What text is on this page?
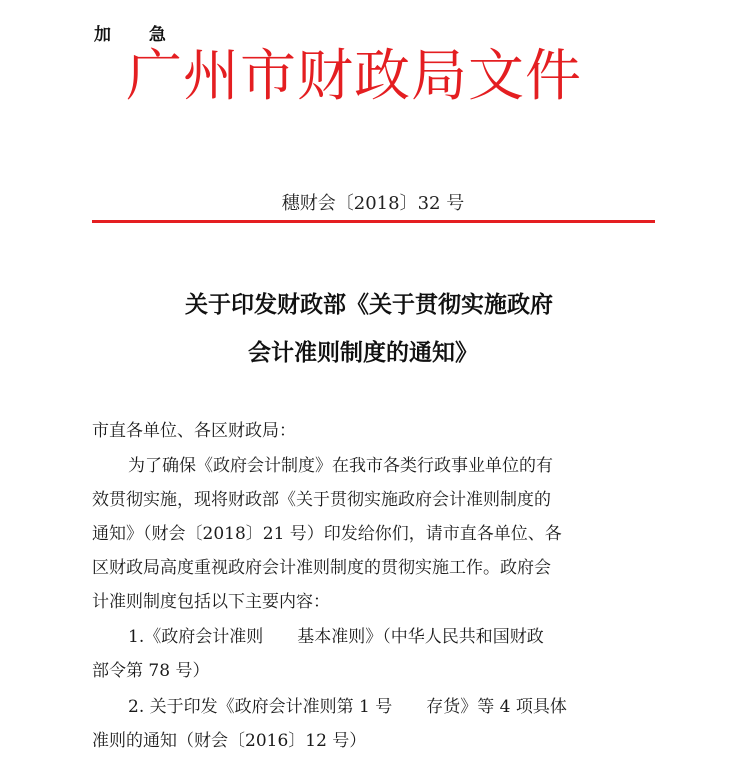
加 急
广州市财政局文件
穗财会〔2018〕32 号
关于印发财政部《关于贯彻实施政府
会计准则制度的通知》
市直各单位、各区财政局：
为了确保《政府会计制度》在我市各类行政事业单位的有
效贯彻实施，现将财政部《关于贯彻实施政府会计准则制度的
通知》（财会〔2018〕21 号）印发给你们，请市直各单位、各
区财政局高度重视政府会计准则制度的贯彻实施工作。政府会
计准则制度包括以下主要内容：
1.《政府会计准则　　基本准则》（中华人民共和国财政
部令第 78 号）
2. 关于印发《政府会计准则第 1 号　　存货》等 4 项具体
准则的通知（财会〔2016〕12 号）
